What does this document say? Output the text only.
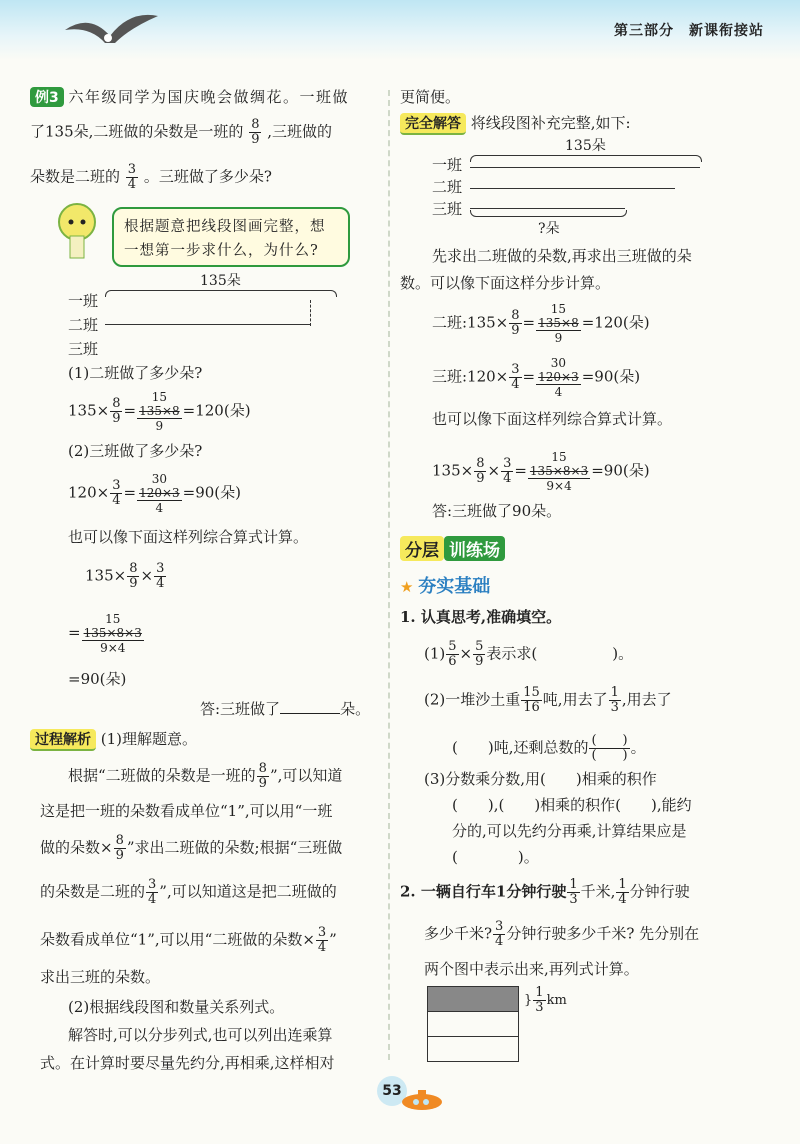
第三部分　新课衔接站
例3 六年级同学为国庆晚会做绸花。一班做
了135朵,二班做的朵数是一班的 $\frac{8}{9}$ ,三班做的
朵数是二班的 $\frac{3}{4}$ 。三班做了多少朵?
根据题意把线段图画完整，想一想第一步求什么，为什么?
135朵
一班
二班
三班
(1)二班做了多少朵?
$135\times \frac{8}{9}$ =
15
135×8
9
=120(朵)
(2)三班做了多少朵?
$120\times \frac{3}{4}$ =
30
120×3
4
=90(朵)
也可以像下面这样列综合算式计算。
$135\times \frac{8}{9} \times \frac{3}{4}$
=
15
135×8×3
9×4
=90(朵)
答:三班做了	朵。
过程解析 (1)理解题意。
根据“二班做的朵数是一班的 $\frac{8}{9}$ ”,可以知道
这是把一班的朵数看成单位“1”,可以用“一班
做的朵数× $\frac{8}{9}$ ”求出二班做的朵数;根据“三班做
的朵数是二班的 $\frac{3}{4}$ ”,可以知道这是把二班做的
朵数看成单位“1”,可以用“二班做的朵数× $\frac{3}{4}$ ”
求出三班的朵数。
(2)根据线段图和数量关系列式。
解答时,可以分步列式,也可以列出连乘算
式。在计算时要尽量先约分,再相乘,这样相对
更简便。
完全解答 将线段图补充完整,如下:
135朵
一班
二班
三班
?朵
先求出二班做的朵数,再求出三班做的朵
数。可以像下面这样分步计算。
二班:135× $\frac{8}{9}$ =
15
135×8
9
=120(朵)
三班:120× $\frac{3}{4}$ =
30
120×3
4
=90(朵)
也可以像下面这样列综合算式计算。
$135\times \frac{8}{9} \times \frac{3}{4}$ =
15
135×8×3
9×4
=90(朵)
答:三班做了90朵。
分层 训练场
★ 夯实基础
1. 认真思考,准确填空。
$(1) \frac{5}{6} \times \frac{5}{9}$ 表示求(　　　　　)。
(2)一堆沙土重 $\frac{15}{16}$ 吨,用去了 $\frac{1}{3}$ ,用去了
(　　)吨,还剩总数的 $\frac{( )}{( )}$ 。
(3)分数乘分数,用(　　)相乘的积作
(　　),(　　)相乘的积作(　　),能约
分的,可以先约分再乘,计算结果应是
(　　　　)。
2. 一辆自行车1分钟行驶 $\frac{1}{3}$ 千米, $\frac{1}{4}$ 分钟行驶
多少千米? $\frac{3}{4}$ 分钟行驶多少千米? 先分别在
两个图中表示出来,再列式计算。
} $\frac{1}{3}$ km
53
